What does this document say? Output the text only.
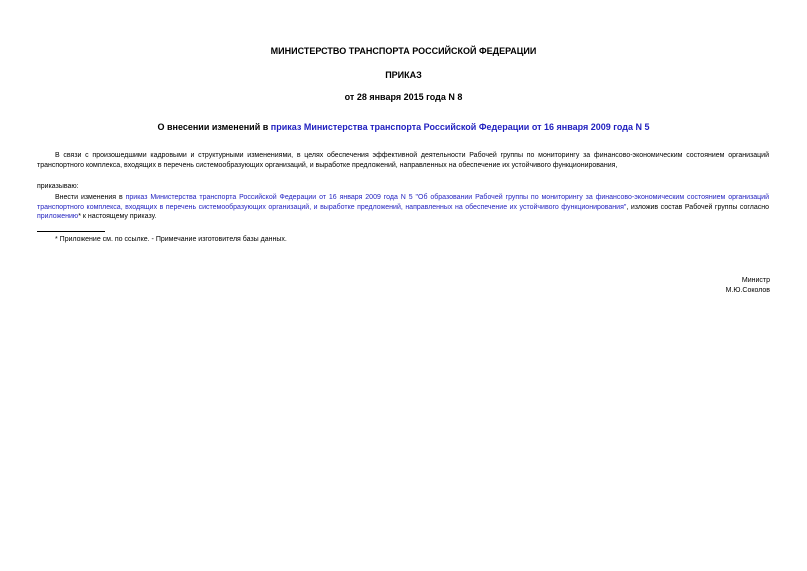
МИНИСТЕРСТВО ТРАНСПОРТА РОССИЙСКОЙ ФЕДЕРАЦИИ
ПРИКАЗ
от 28 января 2015 года N 8
О внесении изменений в приказ Министерства транспорта Российской Федерации от 16 января 2009 года N 5
В связи с произошедшими кадровыми и структурными изменениями, в целях обеспечения эффективной деятельности Рабочей группы по мониторингу за финансово-экономическим состоянием организаций транспортного комплекса, входящих в перечень системообразующих организаций, и выработке предложений, направленных на обеспечение их устойчивого функционирования,
приказываю:
Внести изменения в приказ Министерства транспорта Российской Федерации от 16 января 2009 года N 5 "Об образовании Рабочей группы по мониторингу за финансово-экономическим состоянием организаций транспортного комплекса, входящих в перечень системообразующих организаций, и выработке предложений, направленных на обеспечение их устойчивого функционирования", изложив состав Рабочей группы согласно приложению* к настоящему приказу.
* Приложение см. по ссылке. - Примечание изготовителя базы данных.
Министр
М.Ю.Соколов
